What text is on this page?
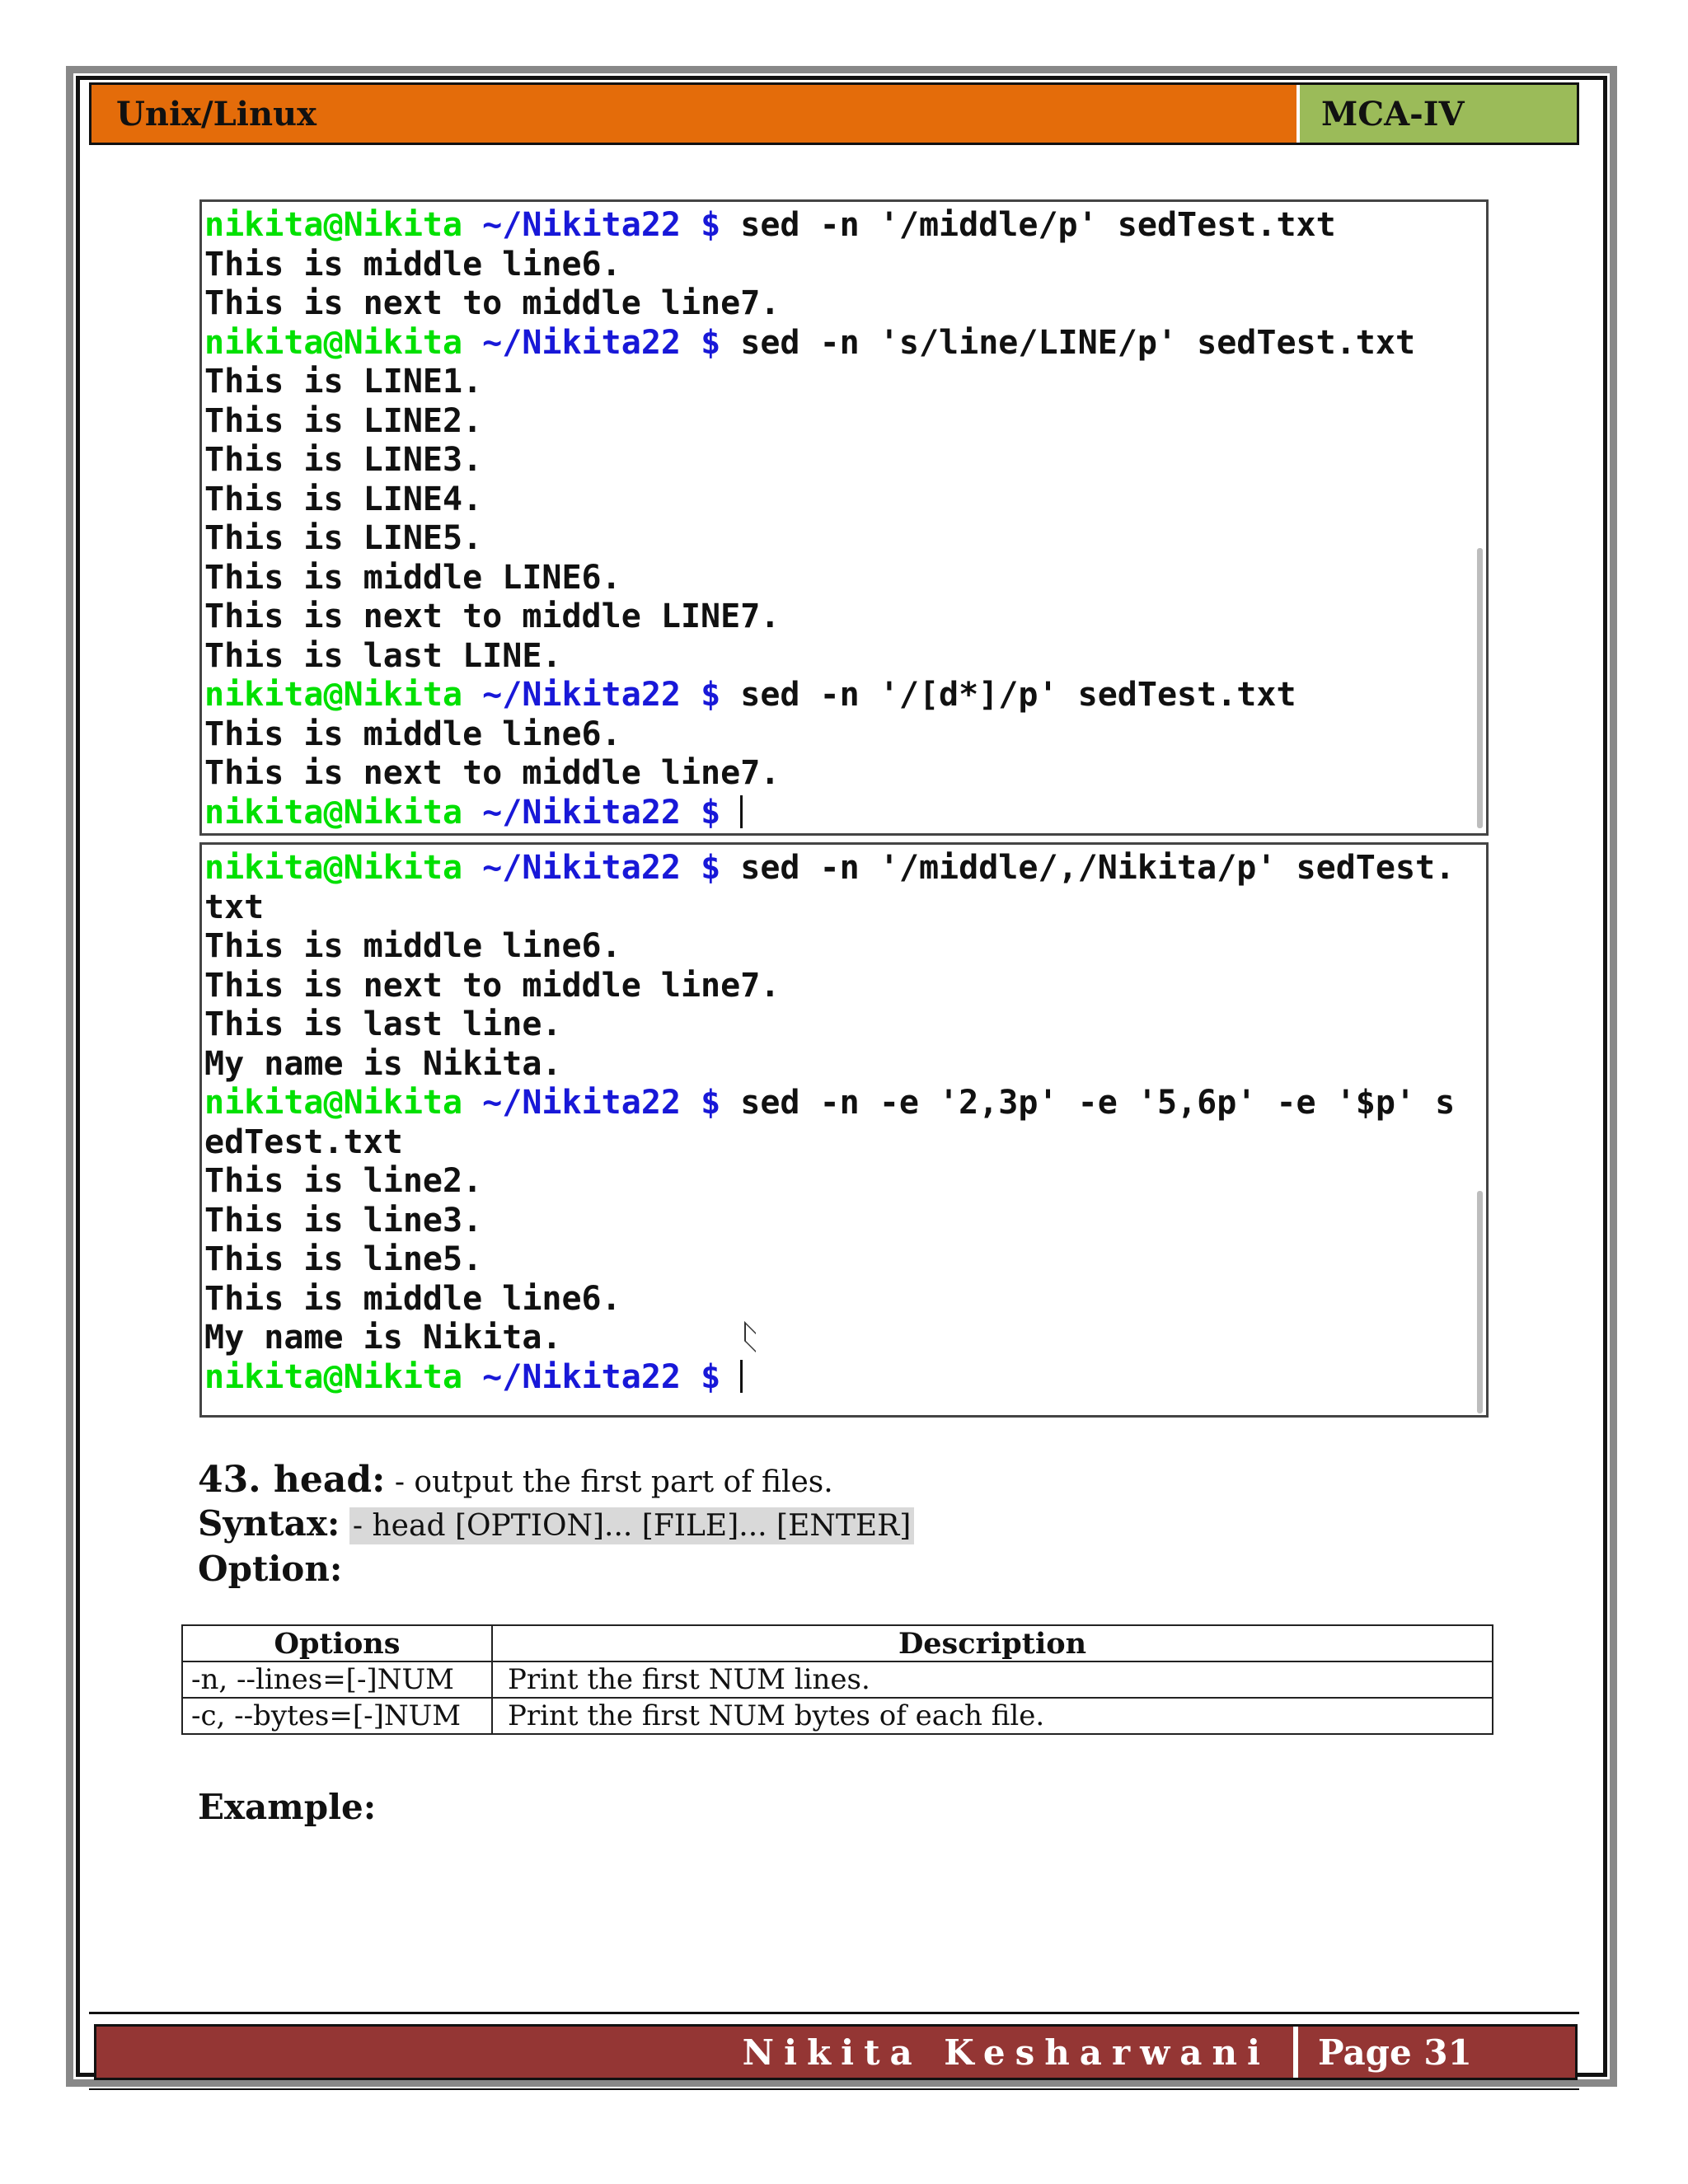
Unix/Linux	MCA-IV
nikita@Nikita ~/Nikita22 $ sed -n '/middle/p' sedTest.txt
This is middle line6.
This is next to middle line7.
nikita@Nikita ~/Nikita22 $ sed -n 's/line/LINE/p' sedTest.txt
This is LINE1.
This is LINE2.
This is LINE3.
This is LINE4.
This is LINE5.
This is middle LINE6.
This is next to middle LINE7.
This is last LINE.
nikita@Nikita ~/Nikita22 $ sed -n '/[d*]/p' sedTest.txt
This is middle line6.
This is next to middle line7.
nikita@Nikita ~/Nikita22 $
nikita@Nikita ~/Nikita22 $ sed -n '/middle/,/Nikita/p' sedTest.
txt
This is middle line6.
This is next to middle line7.
This is last line.
My name is Nikita.
nikita@Nikita ~/Nikita22 $ sed -n -e '2,3p' -e '5,6p' -e '$p' s
edTest.txt
This is line2.
This is line3.
This is line5.
This is middle line6.
My name is Nikita.
nikita@Nikita ~/Nikita22 $
43. head: - output the first part of files.
Syntax: - head [OPTION]... [FILE]... [ENTER]
Option:
Options	Description
-n, --lines=[-]NUM	Print the first NUM lines.
-c, --bytes=[-]NUM	Print the first NUM bytes of each file.
Example:
Nikita Kesharwani	Page 31
